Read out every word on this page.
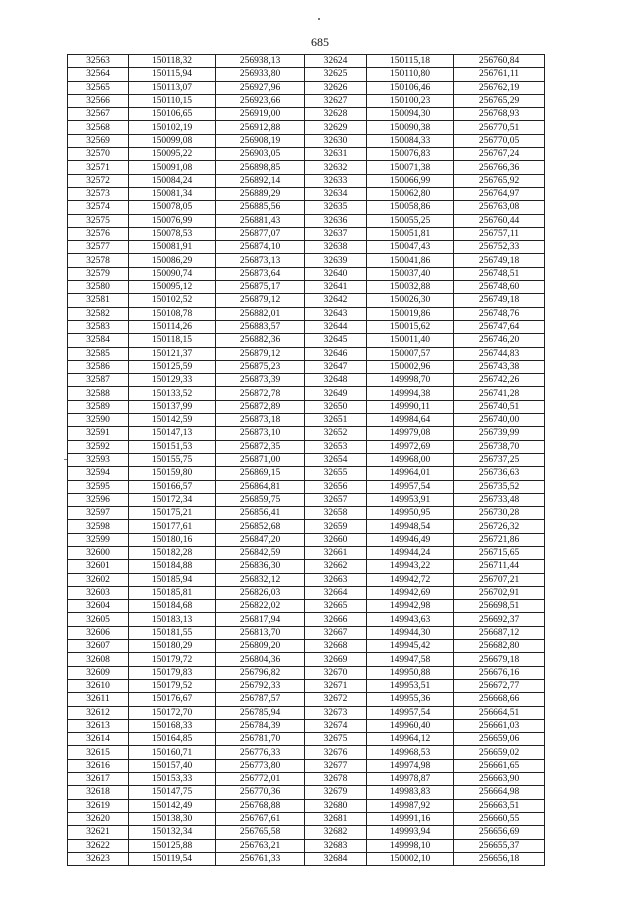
685
32563	150118,32	256938,13	32624	150115,18	256760,84
32564	150115,94	256933,80	32625	150110,80	256761,11
32565	150113,07	256927,96	32626	150106,46	256762,19
32566	150110,15	256923,66	32627	150100,23	256765,29
32567	150106,65	256919,00	32628	150094,30	256768,93
32568	150102,19	256912,88	32629	150090,38	256770,51
32569	150099,08	256908,19	32630	150084,33	256770,05
32570	150095,22	256903,05	32631	150076,83	256767,24
32571	150091,08	256898,85	32632	150071,38	256766,36
32572	150084,24	256892,14	32633	150066,99	256765,92
32573	150081,34	256889,29	32634	150062,80	256764,97
32574	150078,05	256885,56	32635	150058,86	256763,08
32575	150076,99	256881,43	32636	150055,25	256760,44
32576	150078,53	256877,07	32637	150051,81	256757,11
32577	150081,91	256874,10	32638	150047,43	256752,33
32578	150086,29	256873,13	32639	150041,86	256749,18
32579	150090,74	256873,64	32640	150037,40	256748,51
32580	150095,12	256875,17	32641	150032,88	256748,60
32581	150102,52	256879,12	32642	150026,30	256749,18
32582	150108,78	256882,01	32643	150019,86	256748,76
32583	150114,26	256883,57	32644	150015,62	256747,64
32584	150118,15	256882,36	32645	150011,40	256746,20
32585	150121,37	256879,12	32646	150007,57	256744,83
32586	150125,59	256875,23	32647	150002,96	256743,38
32587	150129,33	256873,39	32648	149998,70	256742,26
32588	150133,52	256872,78	32649	149994,38	256741,28
32589	150137,99	256872,89	32650	149990,11	256740,51
32590	150142,59	256873,18	32651	149984,64	256740,00
32591	150147,13	256873,10	32652	149979,08	256739,99
32592	150151,53	256872,35	32653	149972,69	256738,70
32593	150155,75	256871,00	32654	149968,00	256737,25
32594	150159,80	256869,15	32655	149964,01	256736,63
32595	150166,57	256864,81	32656	149957,54	256735,52
32596	150172,34	256859,75	32657	149953,91	256733,48
32597	150175,21	256856,41	32658	149950,95	256730,28
32598	150177,61	256852,68	32659	149948,54	256726,32
32599	150180,16	256847,20	32660	149946,49	256721,86
32600	150182,28	256842,59	32661	149944,24	256715,65
32601	150184,88	256836,30	32662	149943,22	256711,44
32602	150185,94	256832,12	32663	149942,72	256707,21
32603	150185,81	256826,03	32664	149942,69	256702,91
32604	150184,68	256822,02	32665	149942,98	256698,51
32605	150183,13	256817,94	32666	149943,63	256692,37
32606	150181,55	256813,70	32667	149944,30	256687,12
32607	150180,29	256809,20	32668	149945,42	256682,80
32608	150179,72	256804,36	32669	149947,58	256679,18
32609	150179,83	256796,82	32670	149950,88	256676,16
32610	150179,52	256792,33	32671	149953,51	256672,77
32611	150176,67	256787,57	32672	149955,36	256668,66
32612	150172,70	256785,94	32673	149957,54	256664,51
32613	150168,33	256784,39	32674	149960,40	256661,03
32614	150164,85	256781,70	32675	149964,12	256659,06
32615	150160,71	256776,33	32676	149968,53	256659,02
32616	150157,40	256773,80	32677	149974,98	256661,65
32617	150153,33	256772,01	32678	149978,87	256663,90
32618	150147,75	256770,36	32679	149983,83	256664,98
32619	150142,49	256768,88	32680	149987,92	256663,51
32620	150138,30	256767,61	32681	149991,16	256660,55
32621	150132,34	256765,58	32682	149993,94	256656,69
32622	150125,88	256763,21	32683	149998,10	256655,37
32623	150119,54	256761,33	32684	150002,10	256656,18
